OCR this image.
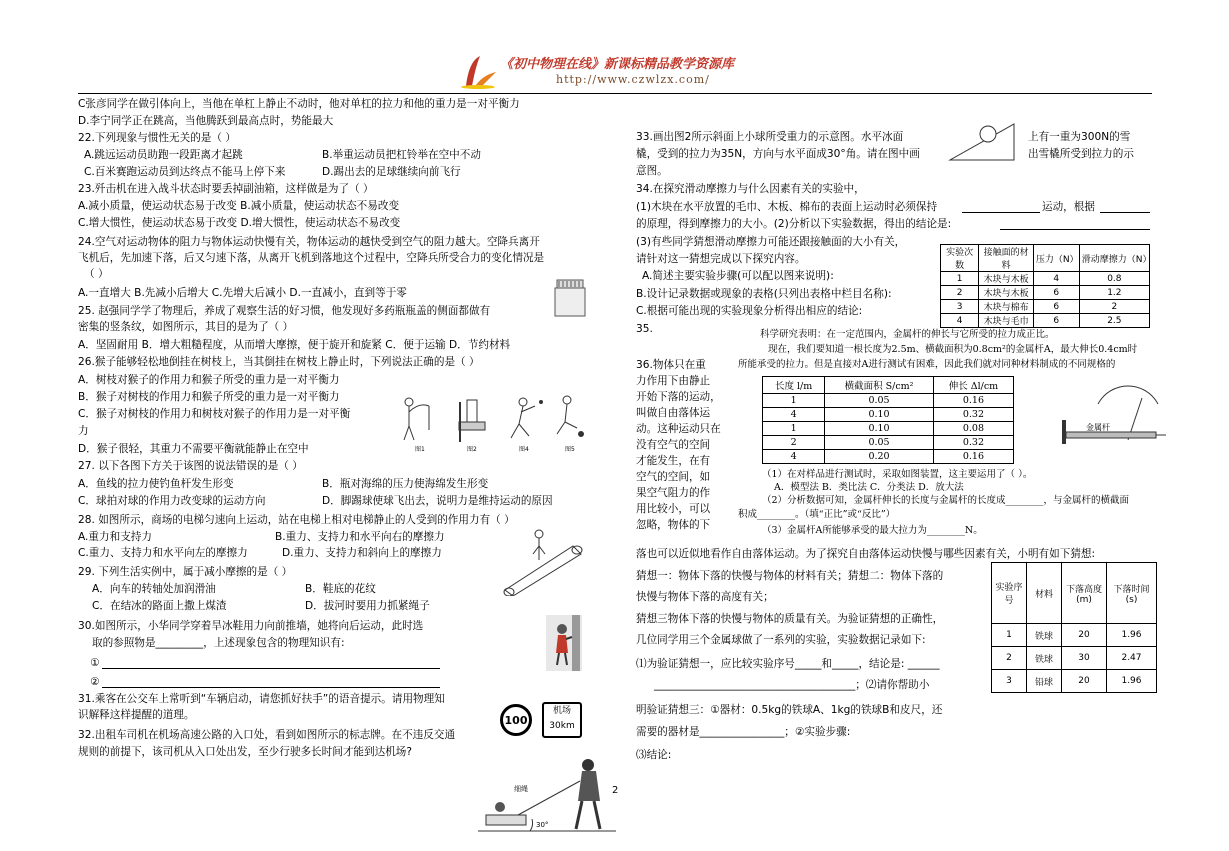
《初中物理在线》新课标精品教学资源库
http://www.czwlzx.com/
C张彦同学在做引体向上，当他在单杠上静止不动时，他对单杠的拉力和他的重力是一对平衡力
D.李宁同学正在跳高，当他腾跃到最高点时，势能最大
22.下列现象与惯性无关的是（ ）
A.跳远运动员助跑一段距离才起跳	B.举重运动员把杠铃举在空中不动
C.百米赛跑运动员到达终点不能马上停下来	D.踢出去的足球继续向前飞行
23.歼击机在进入战斗状态时要丢掉副油箱，这样做是为了（ ）
A.减小质量，使运动状态易于改变 B.减小质量，使运动状态不易改变
C.增大惯性，使运动状态易于改变 D.增大惯性，使运动状态不易改变
24.空气对运动物体的阻力与物体运动快慢有关，物体运动的越快受到空气的阻力越大。空降兵离开
飞机后，先加速下落，后又匀速下落，从离开飞机到落地这个过程中，空降兵所受合力的变化情况是
（ ）
A.一直增大 B.先减小后增大 C.先增大后减小 D.一直减小，直到等于零
25. 赵强同学学了物理后，养成了观察生活的好习惯，他发现好多药瓶瓶盖的侧面都做有
密集的竖条纹，如图所示，其目的是为了（ ）
A．坚固耐用 B．增大粗糙程度，从而增大摩擦，便于旋开和旋紧 C．便于运输 D．节约材料
26.猴子能够轻松地倒挂在树枝上，当其倒挂在树枝上静止时，下列说法正确的是（ ）
A．树枝对猴子的作用力和猴子所受的重力是一对平衡力
B．猴子对树枝的作用力和猴子所受的重力是一对平衡力
C．猴子对树枝的作用力和树枝对猴子的作用力是一对平衡
力
D．猴子很轻，其重力不需要平衡就能静止在空中
27. 以下各图下方关于该图的说法错误的是（ ）
A．鱼线的拉力使钓鱼杆发生形变	B．瓶对海绵的压力使海绵发生形变
C．球拍对球的作用力改变球的运动方向	D．脚踢球使球飞出去，说明力是维持运动的原因
28. 如图所示，商场的电梯匀速向上运动，站在电梯上相对电梯静止的人受到的作用力有（ ）
A.重力和支持力	B.重力、支持力和水平向右的摩擦力
C.重力、支持力和水平向左的摩擦力	D.重力、支持力和斜向上的摩擦力
29. 下列生活实例中，属于减小摩擦的是（ ）
A．向车的转轴处加润滑油	B．鞋底的花纹
C．在结冰的路面上撒上煤渣	D．拔河时要用力抓紧绳子
30.如图所示，小华同学穿着旱冰鞋用力向前推墙，她将向后运动，此时选
取的参照物是_________，上述现象包含的物理知识有:
①
②
31.乘客在公交车上常听到“车辆启动，请您抓好扶手”的语音提示。请用物理知
识解释这样提醒的道理。
32.出租车司机在机场高速公路的入口处，看到如图所示的标志牌。在不违反交通
规则的前提下，该司机从入口处出发，至少行驶多长时间才能到达机场?
图1	图2	图4	图5
100
机场
30km
细绳
30°
2
33.画出图2所示斜面上小球所受重力的示意图。水平冰面	上有一重为300N的雪
橇，受到的拉力为35N，方向与水平面成30°角。请在图中画	出雪橇所受到拉力的示
意图。
34.在探究滑动摩擦力与什么因素有关的实验中，
(1)木块在水平放置的毛巾、木板、棉布的表面上运动时必须保持	运动，根据
的原理，得到摩擦力的大小。(2)分析以下实验数据，得出的结论是:
(3)有些同学猜想滑动摩擦力可能还跟接触面的大小有关，
请针对这一猜想完成以下探究内容。
A.简述主要实验步骤(可以配以图来说明):
B.设计记录数据或现象的表格(只列出表格中栏目名称):
C.根据可能出现的实验现象分析得出相应的结论:
35.
实验次数	接触面的材料	压力（N）	滑动摩擦力（N）
1	木块与木板	4	0.8
2	木块与木板	6	1.2
3	木块与棉布	6	2
4	木块与毛巾	6	2.5
科学研究表明：在一定范围内，金属杆的伸长与它所受的拉力成正比。
现在，我们要知道一根长度为2.5m、横截面积为0.8cm²的金属杆A，最大伸长0.4cm时
所能承受的拉力。但是直接对A进行测试有困难，因此我们就对同种材料制成的不同规格的
长度 l/m	横截面积 S/cm²	伸长 Δl/cm
1	0.05	0.16
4	0.10	0.32
1	0.10	0.08
2	0.05	0.32
4	0.20	0.16
金属杆
（1）在对样品进行测试时，采取如图装置，这主要运用了（ ）。
A．模型法 B．类比法 C．分类法 D．放大法
（2）分析数据可知，金属杆伸长的长度与金属杆的长度成________，与金属杆的横截面
积成________。（填“正比”或“反比”）
（3）金属杆A所能够承受的最大拉力为________N。
36.物体只在重
力作用下由静止
开始下落的运动，
叫做自由落体运
动。这种运动只在
没有空气的空间
才能发生，在有
空气的空间，如
果空气阻力的作
用比较小，可以
忽略，物体的下
落也可以近似地看作自由落体运动。为了探究自由落体运动快慢与哪些因素有关，小明有如下猜想:
猜想一：物体下落的快慢与物体的材料有关；猜想二：物体下落的
快慢与物体下落的高度有关；
猜想三物体下落的快慢与物体的质量有关。为验证猜想的正确性，
几位同学用三个金属球做了一系列的实验，实验数据记录如下:
⑴为验证猜想一，应比较实验序号_____和_____，结论是: ______
______________________________________；⑵请你帮助小
明验证猜想三：①器材：0.5kg的铁球A、1kg的铁球B和皮尺，还
需要的器材是________________；②实验步骤:
⑶结论:
实验序号	材料	下落高度(m)	下落时间(s)
1	铁球	20	1.96
2	铁球	30	2.47
3	铅球	20	1.96
